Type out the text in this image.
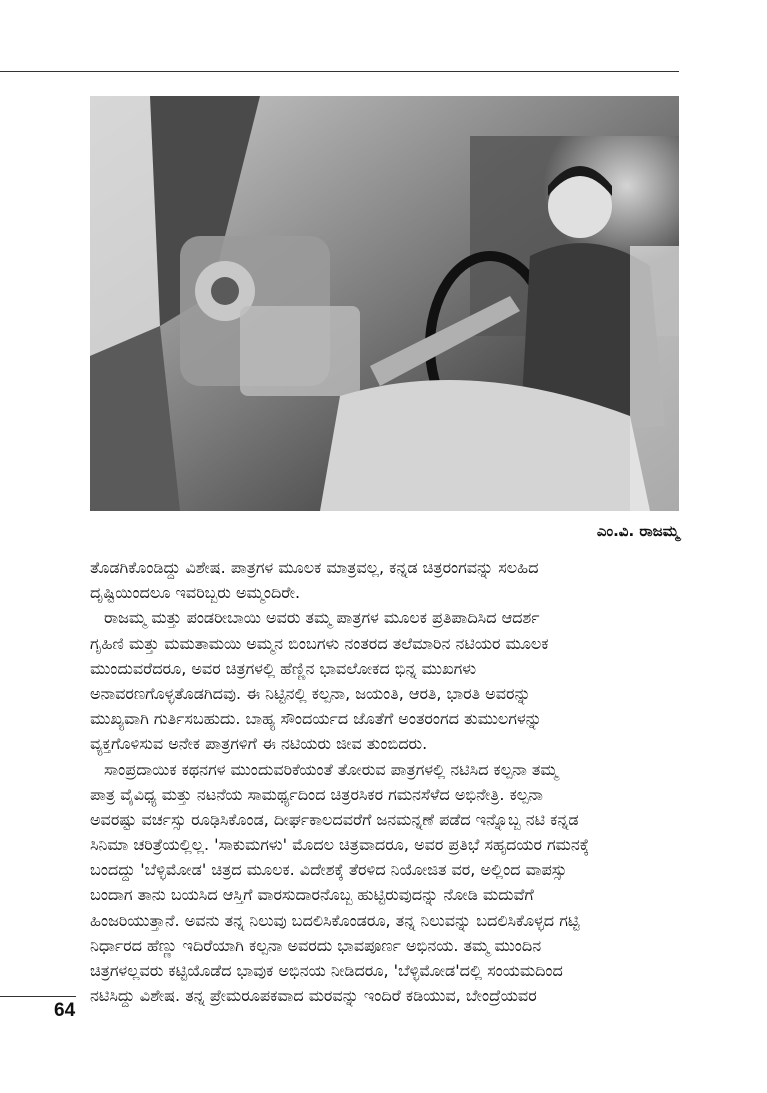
ಎಂ.ವಿ. ರಾಜಮ್ಮ

ತೊಡಗಿಕೊಂಡಿದ್ದು ವಿಶೇಷ. ಪಾತ್ರಗಳ ಮೂಲಕ ಮಾತ್ರವಲ್ಲ, ಕನ್ನಡ ಚಿತ್ರರಂಗವನ್ನು ಸಲಹಿದ
ದೃಷ್ಟಿಯಿಂದಲೂ ಇವರಿಬ್ಬರು ಅಮ್ಮಂದಿರೇ.

ರಾಜಮ್ಮ ಮತ್ತು ಪಂಡರೀಬಾಯಿ ಅವರು ತಮ್ಮ ಪಾತ್ರಗಳ ಮೂಲಕ ಪ್ರತಿಪಾದಿಸಿದ ಆದರ್ಶ
ಗೃಹಿಣಿ ಮತ್ತು ಮಮತಾಮಯಿ ಅಮ್ಮನ ಬಿಂಬಗಳು ನಂತರದ ತಲೆಮಾರಿನ ನಟಿಯರ ಮೂಲಕ
ಮುಂದುವರೆದರೂ, ಅವರ ಚಿತ್ರಗಳಲ್ಲಿ ಹೆಣ್ಣಿನ ಭಾವಲೋಕದ ಭಿನ್ನ ಮುಖಗಳು
ಅನಾವರಣಗೊಳ್ಳತೊಡಗಿದವು. ಈ ನಿಟ್ಟಿನಲ್ಲಿ ಕಲ್ಪನಾ, ಜಯಂತಿ, ಆರತಿ, ಭಾರತಿ ಅವರನ್ನು
ಮುಖ್ಯವಾಗಿ ಗುರ್ತಿಸಬಹುದು. ಬಾಹ್ಯ ಸೌಂದರ್ಯದ ಜೊತೆಗೆ ಅಂತರಂಗದ ತುಮುಲಗಳನ್ನು
ವ್ಯಕ್ತಗೊಳಿಸುವ ಅನೇಕ ಪಾತ್ರಗಳಿಗೆ ಈ ನಟಿಯರು ಜೀವ ತುಂಬಿದರು.

ಸಾಂಪ್ರದಾಯಿಕ ಕಥನಗಳ ಮುಂದುವರಿಕೆಯಂತೆ ತೋರುವ ಪಾತ್ರಗಳಲ್ಲಿ ನಟಿಸಿದ ಕಲ್ಪನಾ ತಮ್ಮ
ಪಾತ್ರ ವೈವಿಧ್ಯ ಮತ್ತು ನಟನೆಯ ಸಾಮರ್ಥ್ಯದಿಂದ ಚಿತ್ರರಸಿಕರ ಗಮನಸೆಳೆದ ಅಭಿನೇತ್ರಿ. ಕಲ್ಪನಾ
ಅವರಷ್ಟು ವರ್ಚಸ್ಸು ರೂಢಿಸಿಕೊಂಡ, ದೀರ್ಘಕಾಲದವರೆಗೆ ಜನಮನ್ನಣೆ ಪಡೆದ ಇನ್ನೊಬ್ಬ ನಟಿ ಕನ್ನಡ
ಸಿನಿಮಾ ಚರಿತ್ರೆಯಲ್ಲಿಲ್ಲ. 'ಸಾಕುಮಗಳು' ಮೊದಲ ಚಿತ್ರವಾದರೂ, ಅವರ ಪ್ರತಿಭೆ ಸಹೃದಯರ ಗಮನಕ್ಕೆ
ಬಂದದ್ದು 'ಬೆಳ್ಳಿಮೋಡ' ಚಿತ್ರದ ಮೂಲಕ. ವಿದೇಶಕ್ಕೆ ತೆರಳಿದ ನಿಯೋಜಿತ ವರ, ಅಲ್ಲಿಂದ ವಾಪಸ್ಸು
ಬಂದಾಗ ತಾನು ಬಯಸಿದ ಆಸ್ತಿಗೆ ವಾರಸುದಾರನೊಬ್ಬ ಹುಟ್ಟಿರುವುದನ್ನು ನೋಡಿ ಮದುವೆಗೆ
ಹಿಂಜರಿಯುತ್ತಾನೆ. ಅವನು ತನ್ನ ನಿಲುವು ಬದಲಿಸಿಕೊಂಡರೂ, ತನ್ನ ನಿಲುವನ್ನು ಬದಲಿಸಿಕೊಳ್ಳದ ಗಟ್ಟಿ
ನಿರ್ಧಾರದ ಹೆಣ್ಣು ಇದಿರೆಯಾಗಿ ಕಲ್ಪನಾ ಅವರದು ಭಾವಪೂರ್ಣ ಅಭಿನಯ. ತಮ್ಮ ಮುಂದಿನ
ಚಿತ್ರಗಳಲ್ಲವರು ಕಟ್ಟಿಯೊಡೆದ ಭಾವುಕ ಅಭಿನಯ ನೀಡಿದರೂ, 'ಬೆಳ್ಳಿಮೋಡ'ದಲ್ಲಿ ಸಂಯಮದಿಂದ
ನಟಿಸಿದ್ದು ವಿಶೇಷ. ತನ್ನ ಪ್ರೇಮರೂಪಕವಾದ ಮರವನ್ನು ಇಂದಿರೆ ಕಡಿಯುವ, ಬೇಂದ್ರೆಯವರ

64
